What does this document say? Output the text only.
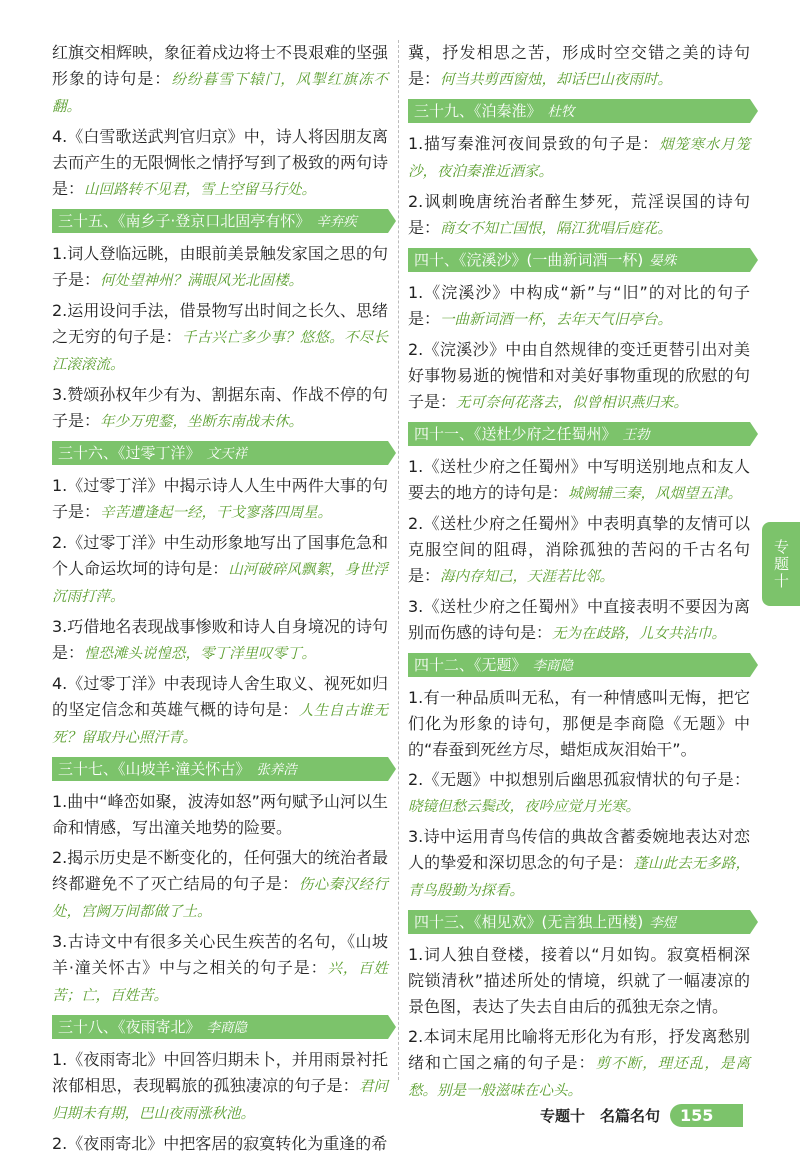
红旗交相辉映，象征着戍边将士不畏艰难的坚强形象的诗句是：纷纷暮雪下辕门，风掣红旗冻不翻。
4.《白雪歌送武判官归京》中，诗人将因朋友离去而产生的无限惆怅之情抒写到了极致的两句诗是：山回路转不见君，雪上空留马行处。
三十五、《南乡子·登京口北固亭有怀》 辛弃疾
1.词人登临远眺，由眼前美景触发家国之思的句子是：何处望神州？满眼风光北固楼。
2.运用设问手法，借景物写出时间之长久、思绪之无穷的句子是：千古兴亡多少事？悠悠。不尽长江滚滚流。
3.赞颂孙权年少有为、割据东南、作战不停的句子是：年少万兜鍪，坐断东南战未休。
三十六、《过零丁洋》 文天祥
1.《过零丁洋》中揭示诗人人生中两件大事的句子是：辛苦遭逢起一经，干戈寥落四周星。
2.《过零丁洋》中生动形象地写出了国事危急和个人命运坎坷的诗句是：山河破碎风飘絮，身世浮沉雨打萍。
3.巧借地名表现战事惨败和诗人自身境况的诗句是：惶恐滩头说惶恐，零丁洋里叹零丁。
4.《过零丁洋》中表现诗人舍生取义、视死如归的坚定信念和英雄气概的诗句是：人生自古谁无死？留取丹心照汗青。
三十七、《山坡羊·潼关怀古》 张养浩
1.曲中“峰峦如聚，波涛如怒”两句赋予山河以生命和情感，写出潼关地势的险要。
2.揭示历史是不断变化的，任何强大的统治者最终都避免不了灭亡结局的句子是：伤心秦汉经行处，宫阙万间都做了土。
3.古诗文中有很多关心民生疾苦的名句，《山坡羊·潼关怀古》中与之相关的句子是：兴，百姓苦；亡，百姓苦。
三十八、《夜雨寄北》 李商隐
1.《夜雨寄北》中回答归期未卜，并用雨景衬托浓郁相思，表现羁旅的孤独凄凉的句子是：君问归期未有期，巴山夜雨涨秋池。
2.《夜雨寄北》中把客居的寂寞转化为重逢的希
冀，抒发相思之苦，形成时空交错之美的诗句是：何当共剪西窗烛，却话巴山夜雨时。
三十九、《泊秦淮》 杜牧
1.描写秦淮河夜间景致的句子是：烟笼寒水月笼沙，夜泊秦淮近酒家。
2.讽刺晚唐统治者醉生梦死，荒淫误国的诗句是：商女不知亡国恨，隔江犹唱后庭花。
四十、《浣溪沙》(一曲新词酒一杯) 晏殊
1.《浣溪沙》中构成“新”与“旧”的对比的句子是：一曲新词酒一杯，去年天气旧亭台。
2.《浣溪沙》中由自然规律的变迁更替引出对美好事物易逝的惋惜和对美好事物重现的欣慰的句子是：无可奈何花落去，似曾相识燕归来。
四十一、《送杜少府之任蜀州》 王勃
1.《送杜少府之任蜀州》中写明送别地点和友人要去的地方的诗句是：城阙辅三秦，风烟望五津。
2.《送杜少府之任蜀州》中表明真挚的友情可以克服空间的阻碍，消除孤独的苦闷的千古名句是：海内存知己，天涯若比邻。
3.《送杜少府之任蜀州》中直接表明不要因为离别而伤感的诗句是：无为在歧路，儿女共沾巾。
四十二、《无题》 李商隐
1.有一种品质叫无私，有一种情感叫无悔，把它们化为形象的诗句，那便是李商隐《无题》中的“春蚕到死丝方尽，蜡炬成灰泪始干”。
2.《无题》中拟想别后幽思孤寂情状的句子是：晓镜但愁云鬓改，夜吟应觉月光寒。
3.诗中运用青鸟传信的典故含蓄委婉地表达对恋人的挚爱和深切思念的句子是：蓬山此去无多路，青鸟殷勤为探看。
四十三、《相见欢》(无言独上西楼) 李煜
1.词人独自登楼，接着以“月如钩。寂寞梧桐深院锁清秋”描述所处的情境，织就了一幅凄凉的景色图，表达了失去自由后的孤独无奈之情。
2.本词末尾用比喻将无形化为有形，抒发离愁别绪和亡国之痛的句子是：剪不断，理还乱，是离愁。别是一般滋味在心头。
专题十
专题十　名篇名句	155
